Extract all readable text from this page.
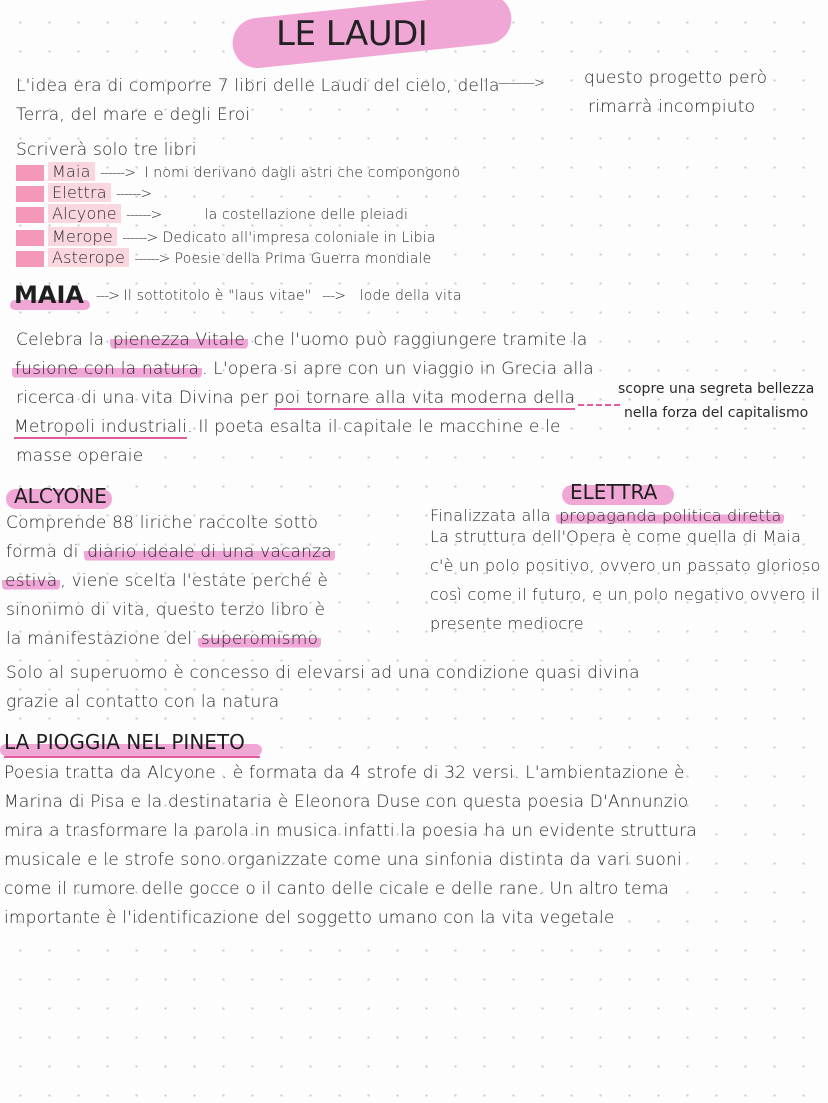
LE LAUDI
L'idea era di comporre 7 libri delle Laudi del cielo, della
Terra, del mare e degli Eroi
———> questo progetto però
rimarrà incompiuto
Scriverà solo tre libri
Maia ------> I nomi derivano dagli astri che compongono
Elettra ------>
Alcyone ------>	la costellazione delle pleiadi
Merope ------> Dedicato all'impresa coloniale in Libia
Asterope ------> Poesie della Prima Guerra mondiale
MAIA ---> Il sottotitolo è "laus vitae" ---> lode della vita
Celebra la pienezza Vitale che l'uomo può raggiungere tramite la
fusione con la natura . L'opera si apre con un viaggio in Grecia alla
ricerca di una vita Divina per poi tornare alla vita moderna della
Metropoli industriali. Il poeta esalta il capitale le macchine e le
masse operaie
scopre una segreta bellezza
nella forza del capitalismo
ALCYONE
Comprende 88 liriche raccolte sotto
forma di diario ideale di una vacanza
estiva , viene scelta l'estate perché è
sinonimo di vita, questo terzo libro è
la manifestazione del superomismo
Solo al superuomo è concesso di elevarsi ad una condizione quasi divina
grazie al contatto con la natura
ELETTRA
Finalizzata alla propaganda politica diretta
La struttura dell'Opera è come quella di Maia
c'è un polo positivo, ovvero un passato glorioso
così come il futuro, e un polo negativo ovvero il
presente mediocre
LA PIOGGIA NEL PINETO
Poesia tratta da Alcyone . è formata da 4 strofe di 32 versi. L'ambientazione è
Marina di Pisa e la destinataria è Eleonora Duse con questa poesia D'Annunzio
mira a trasformare la parola in musica infatti la poesia ha un evidente struttura
musicale e le strofe sono organizzate come una sinfonia distinta da vari suoni
come il rumore delle gocce o il canto delle cicale e delle rane. Un altro tema
importante è l'identificazione del soggetto umano con la vita vegetale
